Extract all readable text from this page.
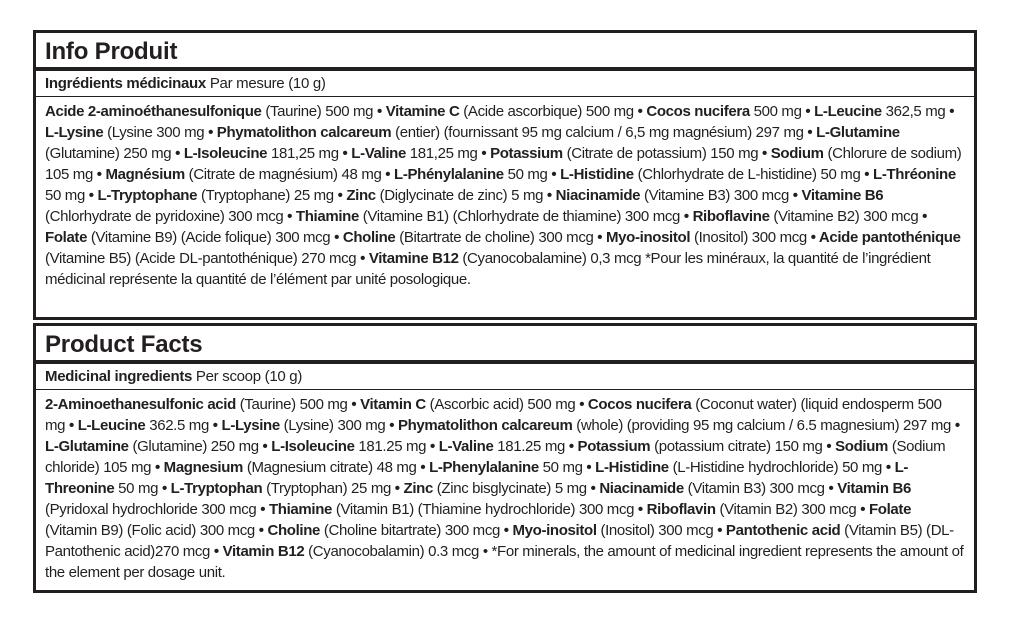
Info Produit
Ingrédients médicinaux Par mesure (10 g)
Acide 2-aminoéthanesulfonique (Taurine) 500 mg • Vitamine C (Acide ascorbique) 500 mg • Cocos nucifera 500 mg • L-Leucine 362,5 mg • L-Lysine (Lysine 300 mg • Phymatolithon calcareum (entier) (fournissant 95 mg calcium / 6,5 mg magnésium) 297 mg • L-Glutamine (Glutamine) 250 mg • L-Isoleucine 181,25 mg • L-Valine 181,25 mg • Potassium (Citrate de potassium) 150 mg • Sodium (Chlorure de sodium) 105 mg • Magnésium (Citrate de magnésium) 48 mg • L-Phénylalanine 50 mg • L-Histidine (Chlorhydrate de L-histidine) 50 mg • L-Thréonine 50 mg • L-Tryptophane (Tryptophane) 25 mg • Zinc (Diglycinate de zinc) 5 mg • Niacinamide (Vitamine B3) 300 mcg • Vitamine B6 (Chlorhydrate de pyridoxine) 300 mcg • Thiamine (Vitamine B1) (Chlorhydrate de thiamine) 300 mcg • Riboflavine (Vitamine B2) 300 mcg • Folate (Vitamine B9) (Acide folique) 300 mcg • Choline (Bitartrate de choline) 300 mcg • Myo-inositol (Inositol) 300 mcg • Acide pantothénique (Vitamine B5) (Acide DL-pantothénique) 270 mcg • Vitamine B12 (Cyanocobalamine) 0,3 mcg *Pour les minéraux, la quantité de l’ingrédient médicinal représente la quantité de l’élément par unité posologique.
Product Facts
Medicinal ingredients Per scoop (10 g)
2-Aminoethanesulfonic acid (Taurine) 500 mg • Vitamin C (Ascorbic acid) 500 mg • Cocos nucifera (Coconut water) (liquid endosperm 500 mg • L-Leucine 362.5 mg • L-Lysine (Lysine) 300 mg • Phymatolithon calcareum (whole) (providing 95 mg calcium / 6.5 magnesium) 297 mg • L-Glutamine (Glutamine) 250 mg • L-Isoleucine 181.25 mg • L-Valine 181.25 mg • Potassium (potassium citrate) 150 mg • Sodium (Sodium chloride) 105 mg • Magnesium (Magnesium citrate) 48 mg • L-Phenylalanine 50 mg • L-Histidine (L-Histidine hydrochloride) 50 mg • L-Threonine 50 mg • L-Tryptophan (Tryptophan) 25 mg • Zinc (Zinc bisglycinate) 5 mg • Niacinamide (Vitamin B3) 300 mcg • Vitamin B6 (Pyridoxal hydrochloride 300 mcg • Thiamine (Vitamin B1) (Thiamine hydrochloride) 300 mcg • Riboflavin (Vitamin B2) 300 mcg • Folate (Vitamin B9) (Folic acid) 300 mcg • Choline (Choline bitartrate) 300 mcg • Myo-inositol (Inositol) 300 mcg • Pantothenic acid (Vitamin B5) (DL-Pantothenic acid)270 mcg • Vitamin B12 (Cyanocobalamin) 0.3 mcg • *For minerals, the amount of medicinal ingredient represents the amount of the element per dosage unit.
